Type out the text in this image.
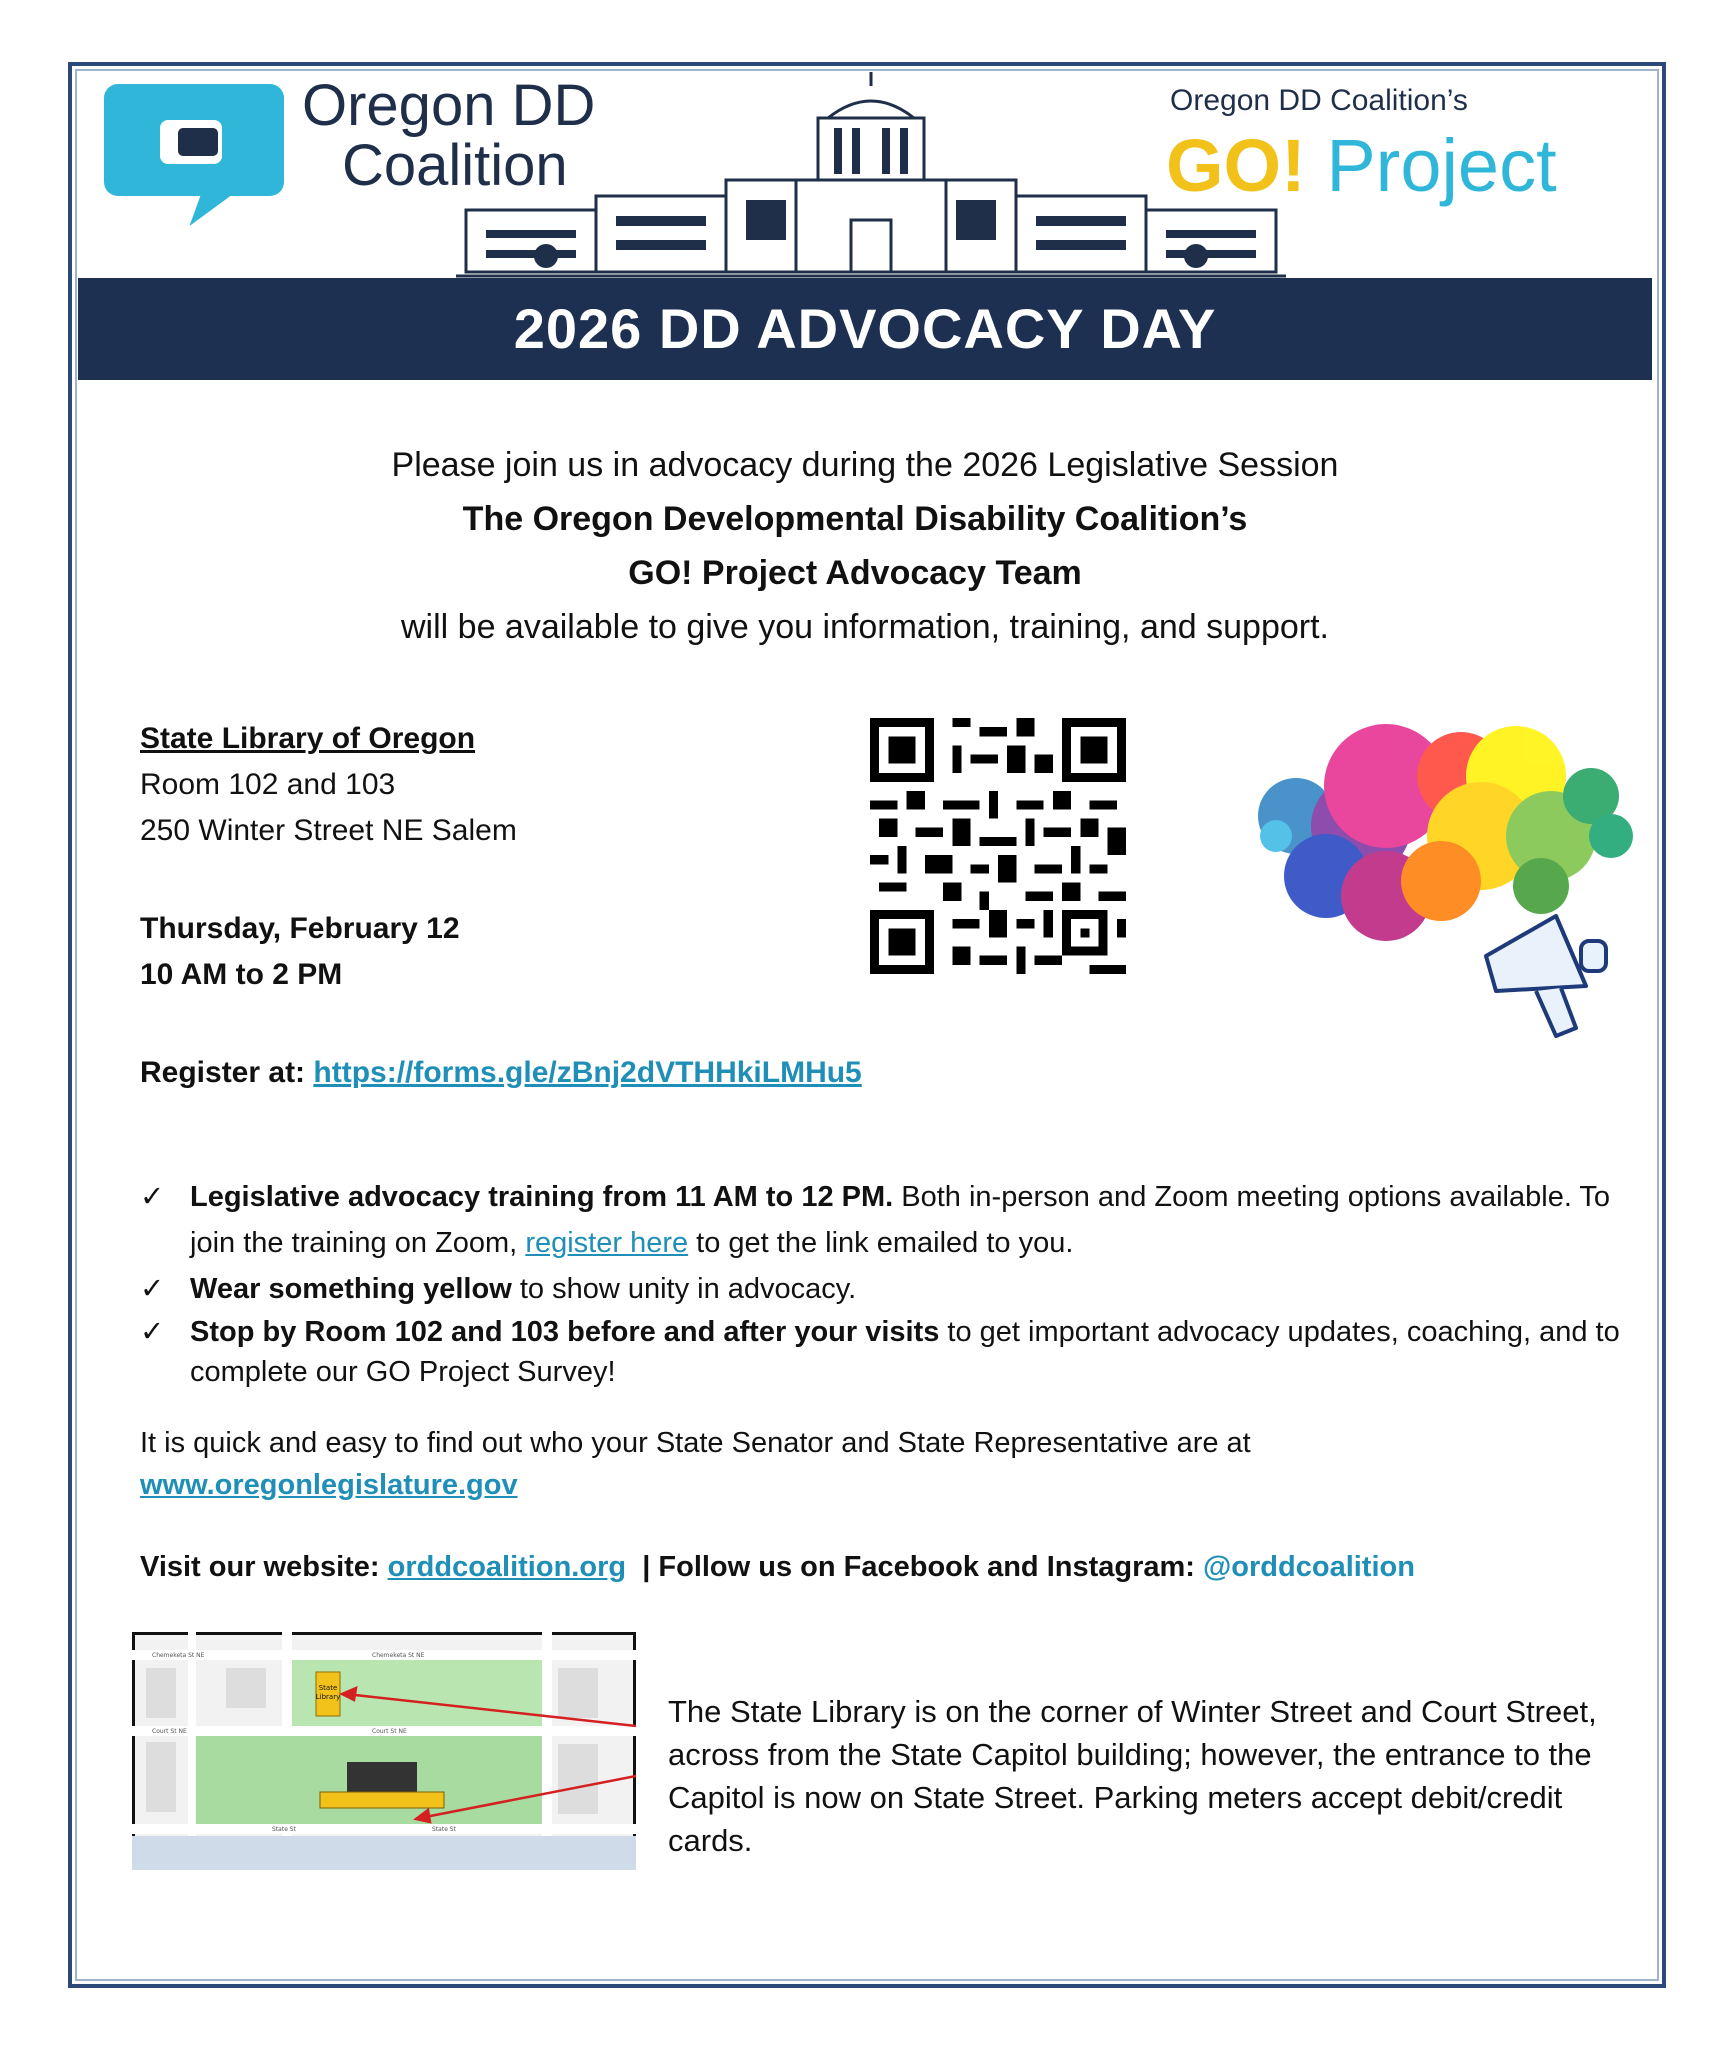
Oregon DD
Coalition
Oregon DD Coalition’s
GO! Project
2026 DD ADVOCACY DAY
Please join us in advocacy during the 2026 Legislative Session
The Oregon Developmental Disability Coalition’s
GO! Project Advocacy Team
will be available to give you information, training, and support.
State Library of Oregon
Room 102 and 103
250 Winter Street NE Salem
Thursday, February 12
10 AM to 2 PM
Register at: https://forms.gle/zBnj2dVTHHkiLMHu5
✓ Legislative advocacy training from 11 AM to 12 PM. Both in-person and Zoom meeting options available. To join the training on Zoom, register here to get the link emailed to you.
✓ Wear something yellow to show unity in advocacy.
✓ Stop by Room 102 and 103 before and after your visits to get important advocacy updates, coaching, and to complete our GO Project Survey!
It is quick and easy to find out who your State Senator and State Representative are at
www.oregonlegislature.gov
Visit our website: orddcoalition.org | Follow us on Facebook and Instagram: @orddcoalition
State
Library
Chemeketa St NE	Chemeketa St NE
Court St NE	Court St NE
State St	State St
The State Library is on the corner of Winter Street and Court Street, across from the State Capitol building; however, the entrance to the Capitol is now on State Street. Parking meters accept debit/credit cards.
